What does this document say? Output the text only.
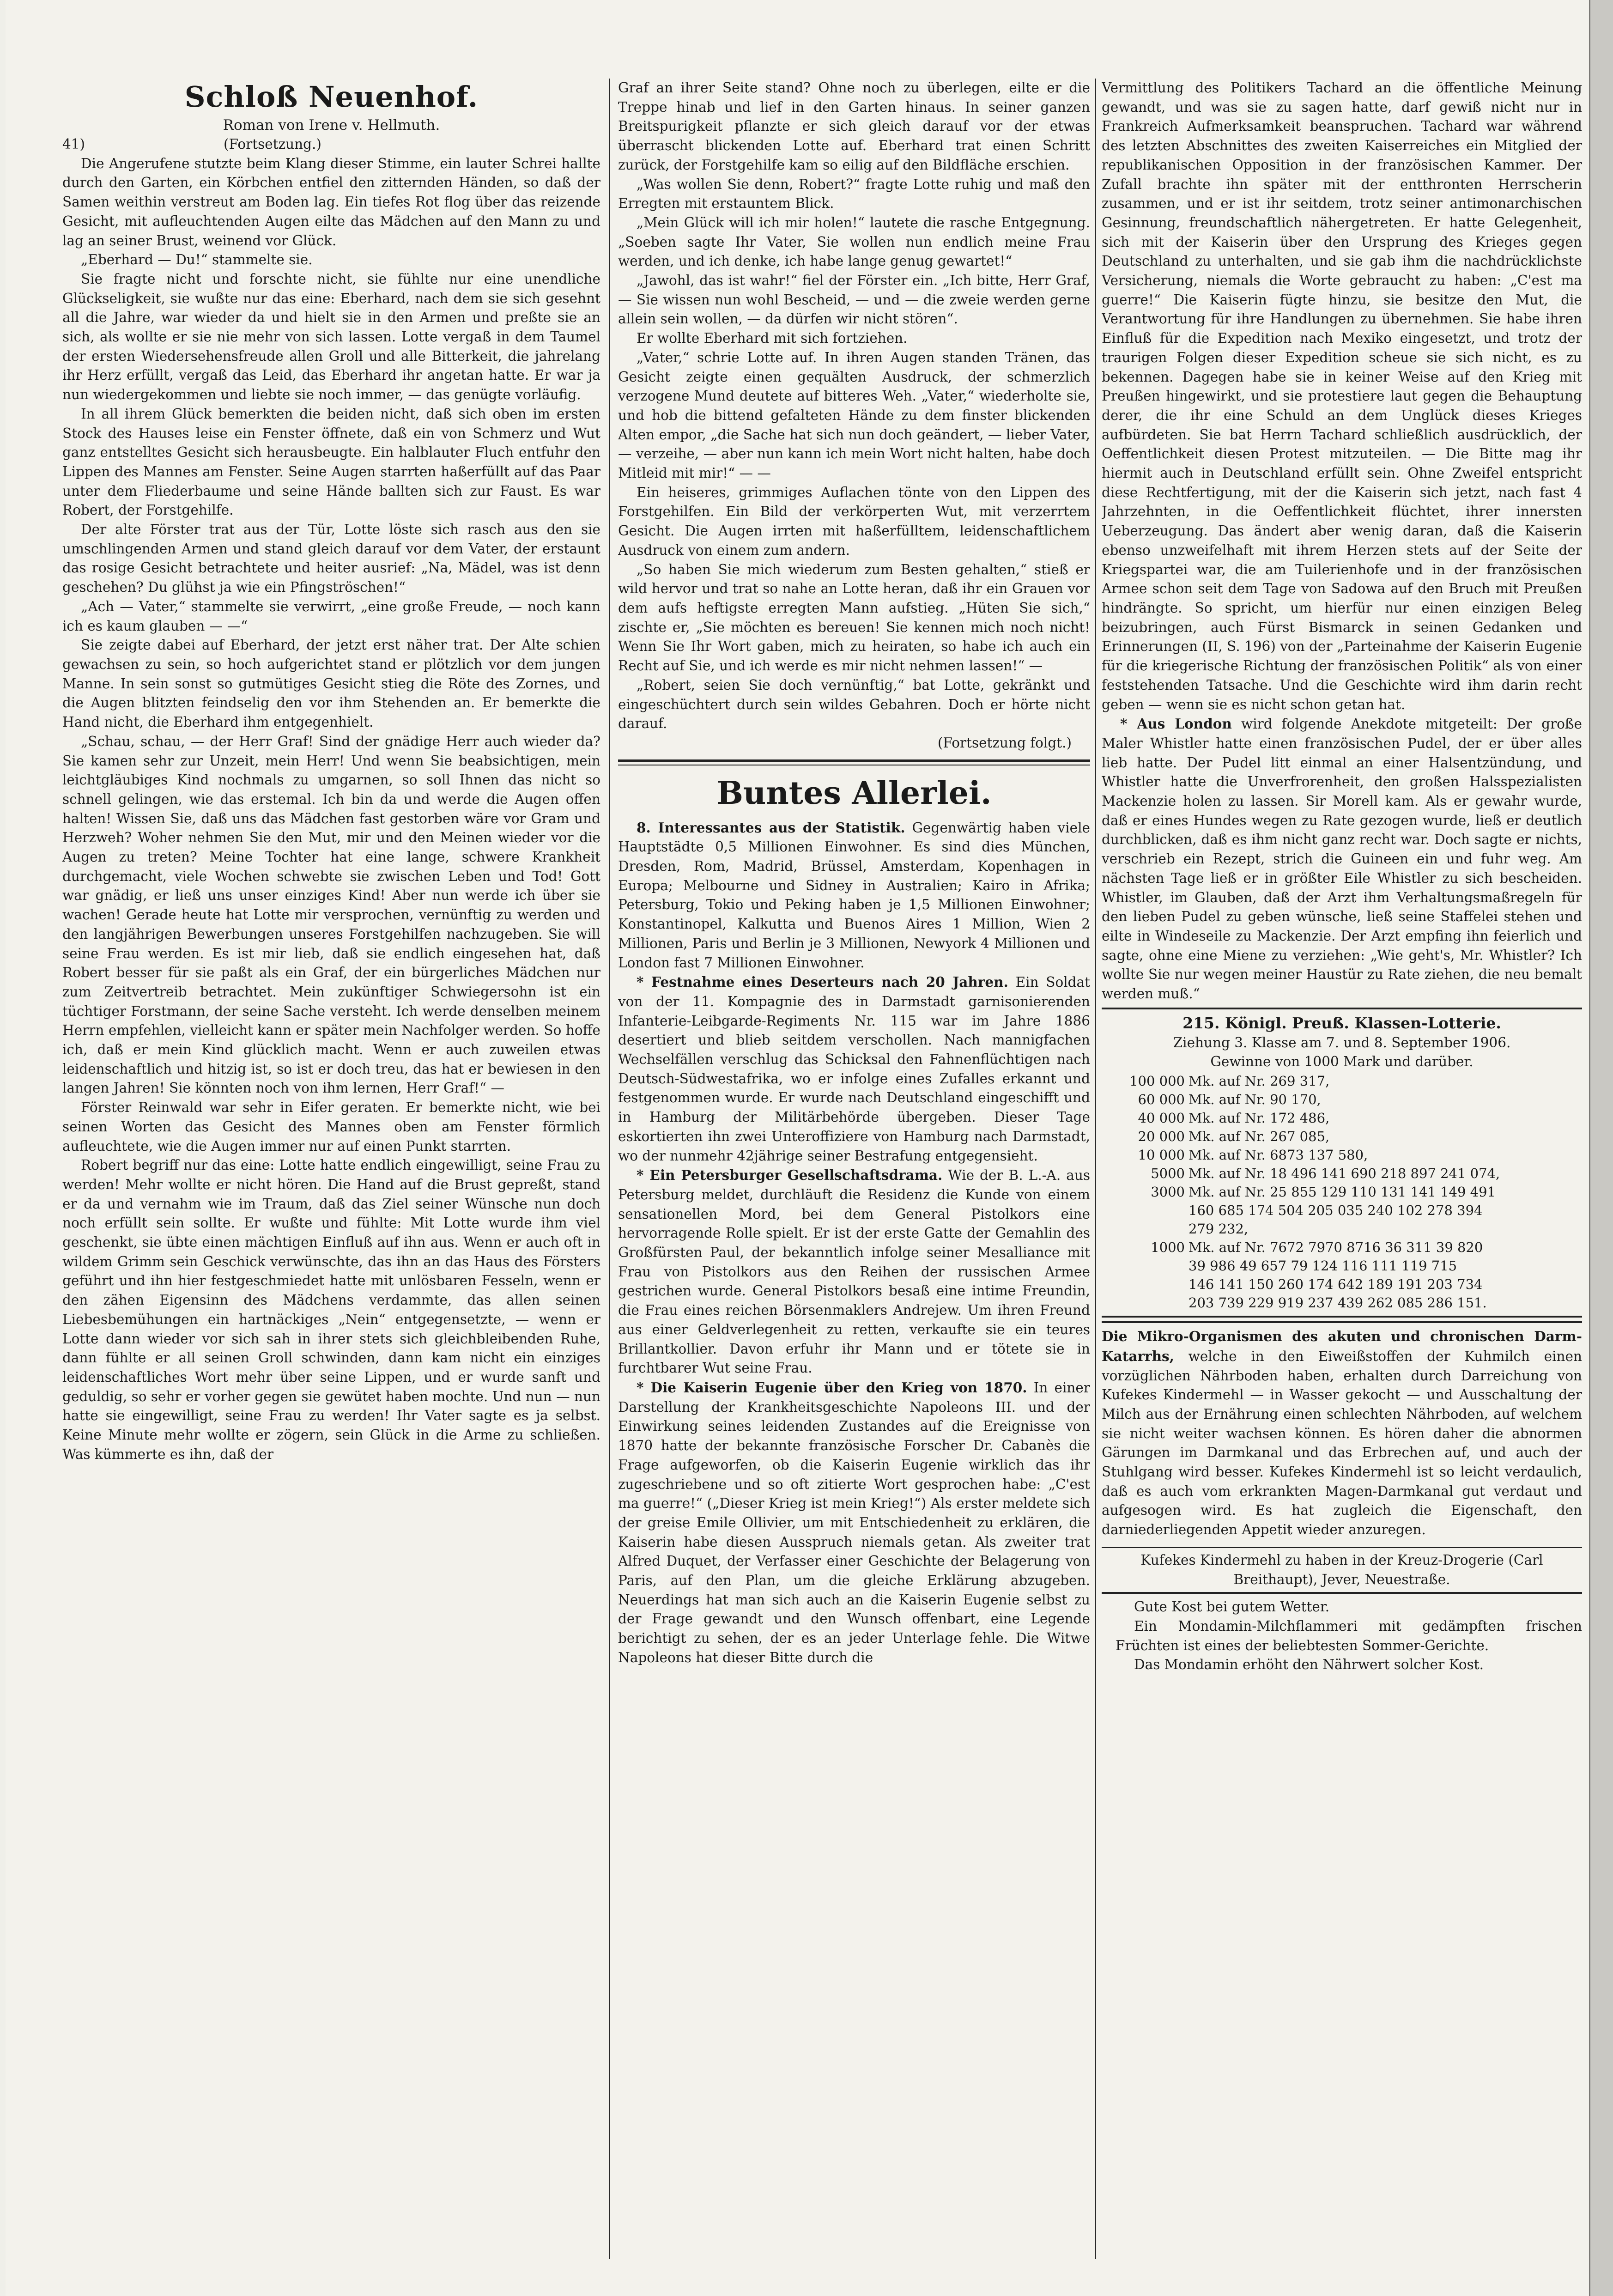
Schloß Neuenhof.

Roman von Irene v. Hellmuth.

41)	(Fortsetzung.)

Die Angerufene stutzte beim Klang dieser Stimme, ein lauter Schrei hallte durch den Garten, ein Körbchen entfiel den zitternden Händen, so daß der Samen weithin verstreut am Boden lag. Ein tiefes Rot flog über das reizende Gesicht, mit aufleuchtenden Augen eilte das Mädchen auf den Mann zu und lag an seiner Brust, weinend vor Glück.

„Eberhard — Du!“ stammelte sie.

Sie fragte nicht und forschte nicht, sie fühlte nur eine unendliche Glückseligkeit, sie wußte nur das eine: Eberhard, nach dem sie sich gesehnt all die Jahre, war wieder da und hielt sie in den Armen und preßte sie an sich, als wollte er sie nie mehr von sich lassen. Lotte vergaß in dem Taumel der ersten Wiedersehensfreude allen Groll und alle Bitterkeit, die jahrelang ihr Herz erfüllt, vergaß das Leid, das Eberhard ihr angetan hatte. Er war ja nun wiedergekommen und liebte sie noch immer, — das genügte vorläufig.

In all ihrem Glück bemerkten die beiden nicht, daß sich oben im ersten Stock des Hauses leise ein Fenster öffnete, daß ein von Schmerz und Wut ganz entstelltes Gesicht sich herausbeugte. Ein halblauter Fluch entfuhr den Lippen des Mannes am Fenster. Seine Augen starrten haßerfüllt auf das Paar unter dem Fliederbaume und seine Hände ballten sich zur Faust. Es war Robert, der Forstgehilfe.

Der alte Förster trat aus der Tür, Lotte löste sich rasch aus den sie umschlingenden Armen und stand gleich darauf vor dem Vater, der erstaunt das rosige Gesicht betrachtete und heiter ausrief: „Na, Mädel, was ist denn geschehen? Du glühst ja wie ein Pfingströschen!“

„Ach — Vater,“ stammelte sie verwirrt, „eine große Freude, — noch kann ich es kaum glauben — —“

Sie zeigte dabei auf Eberhard, der jetzt erst näher trat. Der Alte schien gewachsen zu sein, so hoch aufgerichtet stand er plötzlich vor dem jungen Manne. In sein sonst so gutmütiges Gesicht stieg die Röte des Zornes, und die Augen blitzten feindselig den vor ihm Stehenden an. Er bemerkte die Hand nicht, die Eberhard ihm entgegenhielt.

„Schau, schau, — der Herr Graf! Sind der gnädige Herr auch wieder da? Sie kamen sehr zur Unzeit, mein Herr! Und wenn Sie beabsichtigen, mein leichtgläubiges Kind nochmals zu umgarnen, so soll Ihnen das nicht so schnell gelingen, wie das erstemal. Ich bin da und werde die Augen offen halten! Wissen Sie, daß uns das Mädchen fast gestorben wäre vor Gram und Herzweh? Woher nehmen Sie den Mut, mir und den Meinen wieder vor die Augen zu treten? Meine Tochter hat eine lange, schwere Krankheit durchgemacht, viele Wochen schwebte sie zwischen Leben und Tod! Gott war gnädig, er ließ uns unser einziges Kind! Aber nun werde ich über sie wachen! Gerade heute hat Lotte mir versprochen, vernünftig zu werden und den langjährigen Bewerbungen unseres Forstgehilfen nachzugeben. Sie will seine Frau werden. Es ist mir lieb, daß sie endlich eingesehen hat, daß Robert besser für sie paßt als ein Graf, der ein bürgerliches Mädchen nur zum Zeitvertreib betrachtet. Mein zukünftiger Schwiegersohn ist ein tüchtiger Forstmann, der seine Sache versteht. Ich werde denselben meinem Herrn empfehlen, vielleicht kann er später mein Nachfolger werden. So hoffe ich, daß er mein Kind glücklich macht. Wenn er auch zuweilen etwas leidenschaftlich und hitzig ist, so ist er doch treu, das hat er bewiesen in den langen Jahren! Sie könnten noch von ihm lernen, Herr Graf!“ —

Förster Reinwald war sehr in Eifer geraten. Er bemerkte nicht, wie bei seinen Worten das Gesicht des Mannes oben am Fenster förmlich aufleuchtete, wie die Augen immer nur auf einen Punkt starrten.

Robert begriff nur das eine: Lotte hatte endlich eingewilligt, seine Frau zu werden! Mehr wollte er nicht hören. Die Hand auf die Brust gepreßt, stand er da und vernahm wie im Traum, daß das Ziel seiner Wünsche nun doch noch erfüllt sein sollte. Er wußte und fühlte: Mit Lotte wurde ihm viel geschenkt, sie übte einen mächtigen Einfluß auf ihn aus. Wenn er auch oft in wildem Grimm sein Geschick verwünschte, das ihn an das Haus des Försters geführt und ihn hier festgeschmiedet hatte mit unlösbaren Fesseln, wenn er den zähen Eigensinn des Mädchens verdammte, das allen seinen Liebesbemühungen ein hartnäckiges „Nein“ entgegensetzte, — wenn er Lotte dann wieder vor sich sah in ihrer stets sich gleichbleibenden Ruhe, dann fühlte er all seinen Groll schwinden, dann kam nicht ein einziges leidenschaftliches Wort mehr über seine Lippen, und er wurde sanft und geduldig, so sehr er vorher gegen sie gewütet haben mochte. Und nun — nun hatte sie eingewilligt, seine Frau zu werden! Ihr Vater sagte es ja selbst. Keine Minute mehr wollte er zögern, sein Glück in die Arme zu schließen. Was kümmerte es ihn, daß der

Graf an ihrer Seite stand? Ohne noch zu überlegen, eilte er die Treppe hinab und lief in den Garten hinaus. In seiner ganzen Breitspurigkeit pflanzte er sich gleich darauf vor der etwas überrascht blickenden Lotte auf. Eberhard trat einen Schritt zurück, der Forstgehilfe kam so eilig auf den Bildfläche erschien.

„Was wollen Sie denn, Robert?“ fragte Lotte ruhig und maß den Erregten mit erstauntem Blick.

„Mein Glück will ich mir holen!“ lautete die rasche Entgegnung. „Soeben sagte Ihr Vater, Sie wollen nun endlich meine Frau werden, und ich denke, ich habe lange genug gewartet!“

„Jawohl, das ist wahr!“ fiel der Förster ein. „Ich bitte, Herr Graf, — Sie wissen nun wohl Bescheid, — und — die zweie werden gerne allein sein wollen, — da dürfen wir nicht stören“.

Er wollte Eberhard mit sich fortziehen.

„Vater,“ schrie Lotte auf. In ihren Augen standen Tränen, das Gesicht zeigte einen gequälten Ausdruck, der schmerzlich verzogene Mund deutete auf bitteres Weh. „Vater,“ wiederholte sie, und hob die bittend gefalteten Hände zu dem finster blickenden Alten empor, „die Sache hat sich nun doch geändert, — lieber Vater, — verzeihe, — aber nun kann ich mein Wort nicht halten, habe doch Mitleid mit mir!“ — —

Ein heiseres, grimmiges Auflachen tönte von den Lippen des Forstgehilfen. Ein Bild der verkörperten Wut, mit verzerrtem Gesicht. Die Augen irrten mit haßerfülltem, leidenschaftlichem Ausdruck von einem zum andern.

„So haben Sie mich wiederum zum Besten gehalten,“ stieß er wild hervor und trat so nahe an Lotte heran, daß ihr ein Grauen vor dem aufs heftigste erregten Mann aufstieg. „Hüten Sie sich,“ zischte er, „Sie möchten es bereuen! Sie kennen mich noch nicht! Wenn Sie Ihr Wort gaben, mich zu heiraten, so habe ich auch ein Recht auf Sie, und ich werde es mir nicht nehmen lassen!“ —

„Robert, seien Sie doch vernünftig,“ bat Lotte, gekränkt und eingeschüchtert durch sein wildes Gebahren. Doch er hörte nicht darauf.

(Fortsetzung folgt.)

Buntes Allerlei.

8. Interessantes aus der Statistik. Gegenwärtig haben viele Hauptstädte 0,5 Millionen Einwohner. Es sind dies München, Dresden, Rom, Madrid, Brüssel, Amsterdam, Kopenhagen in Europa; Melbourne und Sidney in Australien; Kairo in Afrika; Petersburg, Tokio und Peking haben je 1,5 Millionen Einwohner; Konstantinopel, Kalkutta und Buenos Aires 1 Million, Wien 2 Millionen, Paris und Berlin je 3 Millionen, Newyork 4 Millionen und London fast 7 Millionen Einwohner.

* Festnahme eines Deserteurs nach 20 Jahren. Ein Soldat von der 11. Kompagnie des in Darmstadt garnisonierenden Infanterie-Leibgarde-Regiments Nr. 115 war im Jahre 1886 desertiert und blieb seitdem verschollen. Nach mannigfachen Wechselfällen verschlug das Schicksal den Fahnenflüchtigen nach Deutsch-Südwestafrika, wo er infolge eines Zufalles erkannt und festgenommen wurde. Er wurde nach Deutschland eingeschifft und in Hamburg der Militärbehörde übergeben. Dieser Tage eskortierten ihn zwei Unteroffiziere von Hamburg nach Darmstadt, wo der nunmehr 42jährige seiner Bestrafung entgegensieht.

* Ein Petersburger Gesellschaftsdrama. Wie der B. L.-A. aus Petersburg meldet, durchläuft die Residenz die Kunde von einem sensationellen Mord, bei dem General Pistolkors eine hervorragende Rolle spielt. Er ist der erste Gatte der Gemahlin des Großfürsten Paul, der bekanntlich infolge seiner Mesalliance mit Frau von Pistolkors aus den Reihen der russischen Armee gestrichen wurde. General Pistolkors besaß eine intime Freundin, die Frau eines reichen Börsenmaklers Andrejew. Um ihren Freund aus einer Geldverlegenheit zu retten, verkaufte sie ein teures Brillantkollier. Davon erfuhr ihr Mann und er tötete sie in furchtbarer Wut seine Frau.

* Die Kaiserin Eugenie über den Krieg von 1870. In einer Darstellung der Krankheitsgeschichte Napoleons III. und der Einwirkung seines leidenden Zustandes auf die Ereignisse von 1870 hatte der bekannte französische Forscher Dr. Cabanès die Frage aufgeworfen, ob die Kaiserin Eugenie wirklich das ihr zugeschriebene und so oft zitierte Wort gesprochen habe: „C'est ma guerre!“ („Dieser Krieg ist mein Krieg!“) Als erster meldete sich der greise Emile Ollivier, um mit Entschiedenheit zu erklären, die Kaiserin habe diesen Ausspruch niemals getan. Als zweiter trat Alfred Duquet, der Verfasser einer Geschichte der Belagerung von Paris, auf den Plan, um die gleiche Erklärung abzugeben. Neuerdings hat man sich auch an die Kaiserin Eugenie selbst zu der Frage gewandt und den Wunsch offenbart, eine Legende berichtigt zu sehen, der es an jeder Unterlage fehle. Die Witwe Napoleons hat dieser Bitte durch die

Vermittlung des Politikers Tachard an die öffentliche Meinung gewandt, und was sie zu sagen hatte, darf gewiß nicht nur in Frankreich Aufmerksamkeit beanspruchen. Tachard war während des letzten Abschnittes des zweiten Kaiserreiches ein Mitglied der republikanischen Opposition in der französischen Kammer. Der Zufall brachte ihn später mit der entthronten Herrscherin zusammen, und er ist ihr seitdem, trotz seiner antimonarchischen Gesinnung, freundschaftlich nähergetreten. Er hatte Gelegenheit, sich mit der Kaiserin über den Ursprung des Krieges gegen Deutschland zu unterhalten, und sie gab ihm die nachdrücklichste Versicherung, niemals die Worte gebraucht zu haben: „C'est ma guerre!“ Die Kaiserin fügte hinzu, sie besitze den Mut, die Verantwortung für ihre Handlungen zu übernehmen. Sie habe ihren Einfluß für die Expedition nach Mexiko eingesetzt, und trotz der traurigen Folgen dieser Expedition scheue sie sich nicht, es zu bekennen. Dagegen habe sie in keiner Weise auf den Krieg mit Preußen hingewirkt, und sie protestiere laut gegen die Behauptung derer, die ihr eine Schuld an dem Unglück dieses Krieges aufbürdeten. Sie bat Herrn Tachard schließlich ausdrücklich, der Oeffentlichkeit diesen Protest mitzuteilen. — Die Bitte mag ihr hiermit auch in Deutschland erfüllt sein. Ohne Zweifel entspricht diese Rechtfertigung, mit der die Kaiserin sich jetzt, nach fast 4 Jahrzehnten, in die Oeffentlichkeit flüchtet, ihrer innersten Ueberzeugung. Das ändert aber wenig daran, daß die Kaiserin ebenso unzweifelhaft mit ihrem Herzen stets auf der Seite der Kriegspartei war, die am Tuilerienhofe und in der französischen Armee schon seit dem Tage von Sadowa auf den Bruch mit Preußen hindrängte. So spricht, um hierfür nur einen einzigen Beleg beizubringen, auch Fürst Bismarck in seinen Gedanken und Erinnerungen (II, S. 196) von der „Parteinahme der Kaiserin Eugenie für die kriegerische Richtung der französischen Politik“ als von einer feststehenden Tatsache. Und die Geschichte wird ihm darin recht geben — wenn sie es nicht schon getan hat.

* Aus London wird folgende Anekdote mitgeteilt: Der große Maler Whistler hatte einen französischen Pudel, der er über alles lieb hatte. Der Pudel litt einmal an einer Halsentzündung, und Whistler hatte die Unverfrorenheit, den großen Halsspezialisten Mackenzie holen zu lassen. Sir Morell kam. Als er gewahr wurde, daß er eines Hundes wegen zu Rate gezogen wurde, ließ er deutlich durchblicken, daß es ihm nicht ganz recht war. Doch sagte er nichts, verschrieb ein Rezept, strich die Guineen ein und fuhr weg. Am nächsten Tage ließ er in größter Eile Whistler zu sich bescheiden. Whistler, im Glauben, daß der Arzt ihm Verhaltungsmaßregeln für den lieben Pudel zu geben wünsche, ließ seine Staffelei stehen und eilte in Windeseile zu Mackenzie. Der Arzt empfing ihn feierlich und sagte, ohne eine Miene zu verziehen: „Wie geht's, Mr. Whistler? Ich wollte Sie nur wegen meiner Haustür zu Rate ziehen, die neu bemalt werden muß.“

215. Königl. Preuß. Klassen-Lotterie.

Ziehung 3. Klasse am 7. und 8. September 1906.

Gewinne von 1000 Mark und darüber.

100 000	Mk. auf Nr. 269 317,
60 000	Mk. auf Nr. 90 170,
40 000	Mk. auf Nr. 172 486,
20 000	Mk. auf Nr. 267 085,
10 000	Mk. auf Nr. 6873 137 580,
5000	Mk. auf Nr. 18 496 141 690 218 897 241 074,
3000	Mk. auf Nr. 25 855 129 110 131 141 149 491
	160 685 174 504 205 035 240 102 278 394
	279 232,
1000	Mk. auf Nr. 7672 7970 8716 36 311 39 820
	39 986 49 657 79 124 116 111 119 715
	146 141 150 260 174 642 189 191 203 734
	203 739 229 919 237 439 262 085 286 151.

Die Mikro-Organismen des akuten und chronischen Darm-Katarrhs, welche in den Eiweißstoffen der Kuhmilch einen vorzüglichen Nährboden haben, erhalten durch Darreichung von Kufekes Kindermehl — in Wasser gekocht — und Ausschaltung der Milch aus der Ernährung einen schlechten Nährboden, auf welchem sie nicht weiter wachsen können. Es hören daher die abnormen Gärungen im Darmkanal und das Erbrechen auf, und auch der Stuhlgang wird besser. Kufekes Kindermehl ist so leicht verdaulich, daß es auch vom erkrankten Magen-Darmkanal gut verdaut und aufgesogen wird. Es hat zugleich die Eigenschaft, den darniederliegenden Appetit wieder anzuregen.

Kufekes Kindermehl zu haben in der Kreuz-Drogerie (Carl Breithaupt), Jever, Neuestraße.

Gute Kost bei gutem Wetter.

Ein Mondamin-Milchflammeri mit gedämpften frischen Früchten ist eines der beliebtesten Sommer-Gerichte.

Das Mondamin erhöht den Nährwert solcher Kost.
